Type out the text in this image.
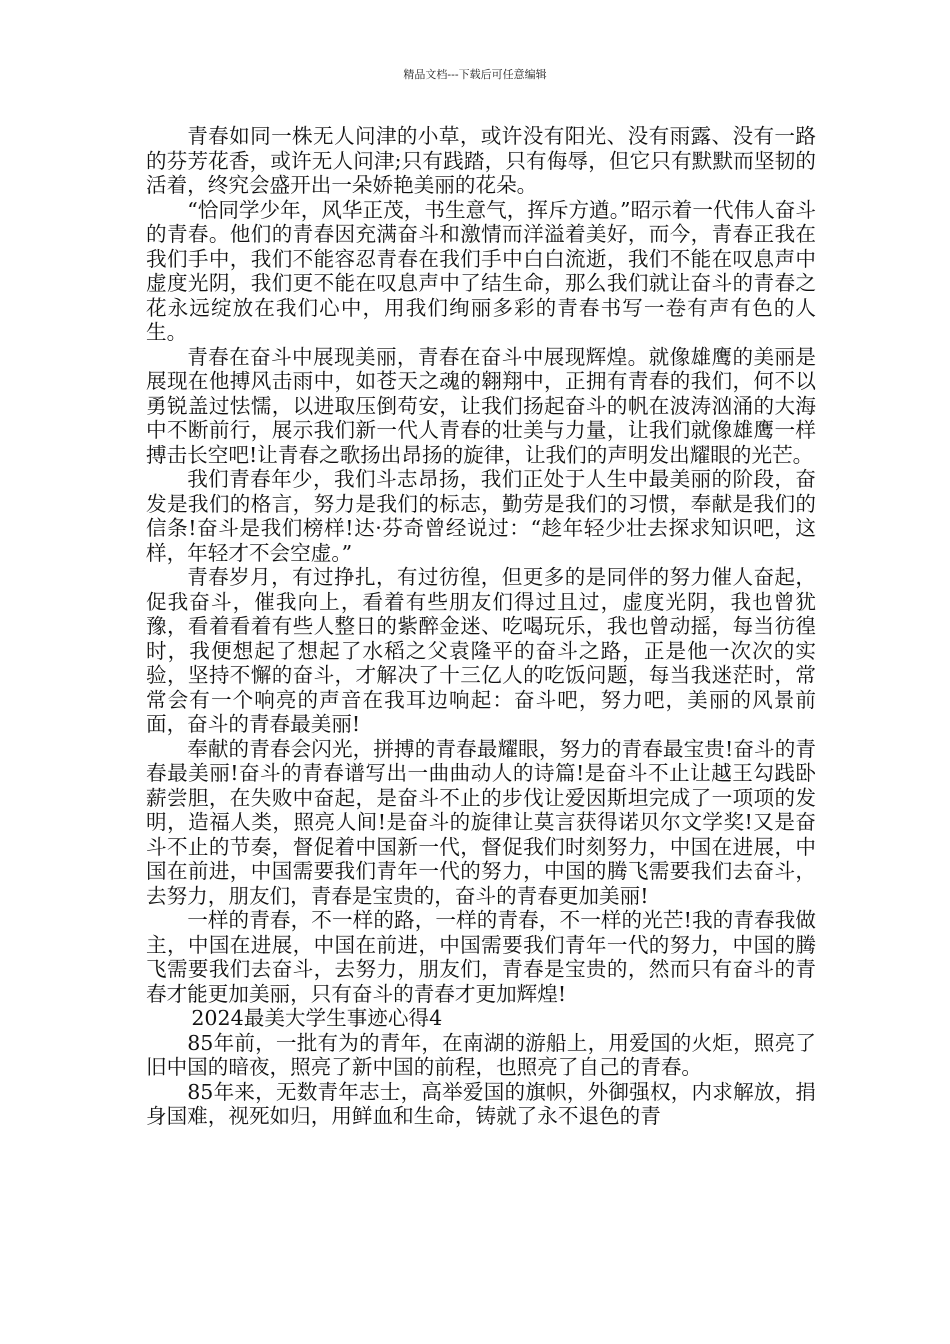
精品文档---下载后可任意编辑

青春如同一株无人问津的小草，或许没有阳光、没有雨露、没有一路的芬芳花香，或许无人问津;只有践踏，只有侮辱，但它只有默默而坚韧的活着，终究会盛开出一朵娇艳美丽的花朵。

“恰同学少年，风华正茂，书生意气，挥斥方遒。”昭示着一代伟人奋斗的青春。他们的青春因充满奋斗和激情而洋溢着美好，而今，青春正我在我们手中，我们不能容忍青春在我们手中白白流逝，我们不能在叹息声中虚度光阴，我们更不能在叹息声中了结生命，那么我们就让奋斗的青春之花永远绽放在我们心中，用我们绚丽多彩的青春书写一卷有声有色的人生。

青春在奋斗中展现美丽，青春在奋斗中展现辉煌。就像雄鹰的美丽是展现在他搏风击雨中，如苍天之魂的翱翔中，正拥有青春的我们，何不以勇锐盖过怯懦，以进取压倒苟安，让我们扬起奋斗的帆在波涛汹涌的大海中不断前行，展示我们新一代人青春的壮美与力量，让我们就像雄鹰一样搏击长空吧!让青春之歌扬出昂扬的旋律，让我们的声明发出耀眼的光芒。

我们青春年少，我们斗志昂扬，我们正处于人生中最美丽的阶段，奋发是我们的格言，努力是我们的标志，勤劳是我们的习惯，奉献是我们的信条!奋斗是我们榜样!达·芬奇曾经说过：“趁年轻少壮去探求知识吧，这样，年轻才不会空虚。”

青春岁月，有过挣扎，有过彷徨，但更多的是同伴的努力催人奋起，促我奋斗，催我向上，看着有些朋友们得过且过，虚度光阴，我也曾犹豫，看着看着有些人整日的紫醉金迷、吃喝玩乐，我也曾动摇，每当彷徨时，我便想起了想起了水稻之父袁隆平的奋斗之路，正是他一次次的实验，坚持不懈的奋斗，才解决了十三亿人的吃饭问题，每当我迷茫时，常常会有一个响亮的声音在我耳边响起：奋斗吧，努力吧，美丽的风景前面，奋斗的青春最美丽!

奉献的青春会闪光，拼搏的青春最耀眼，努力的青春最宝贵!奋斗的青春最美丽!奋斗的青春谱写出一曲曲动人的诗篇!是奋斗不止让越王勾践卧薪尝胆，在失败中奋起，是奋斗不止的步伐让爱因斯坦完成了一项项的发明，造福人类，照亮人间!是奋斗的旋律让莫言获得诺贝尔文学奖!又是奋斗不止的节奏，督促着中国新一代，督促我们时刻努力，中国在进展，中国在前进，中国需要我们青年一代的努力，中国的腾飞需要我们去奋斗，去努力，朋友们，青春是宝贵的，奋斗的青春更加美丽!

一样的青春，不一样的路，一样的青春，不一样的光芒!我的青春我做主，中国在进展，中国在前进，中国需要我们青年一代的努力，中国的腾飞需要我们去奋斗，去努力，朋友们，青春是宝贵的，然而只有奋斗的青春才能更加美丽，只有奋斗的青春才更加辉煌!

2024最美大学生事迹心得4

85年前，一批有为的青年，在南湖的游船上，用爱国的火炬，照亮了旧中国的暗夜，照亮了新中国的前程，也照亮了自己的青春。

85年来，无数青年志士，高举爱国的旗帜，外御强权，内求解放，捐身国难，视死如归，用鲜血和生命，铸就了永不退色的青
